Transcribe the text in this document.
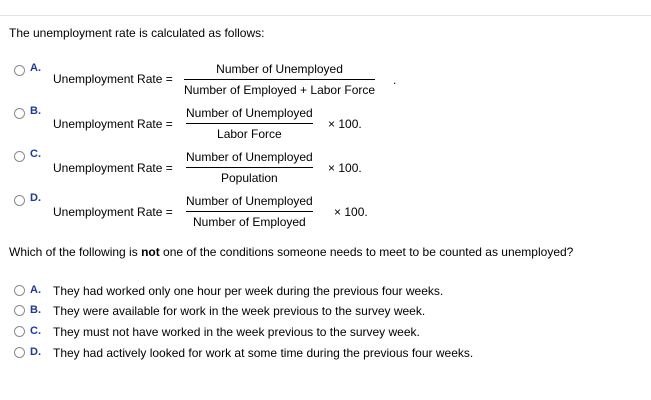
The unemployment rate is calculated as follows:
A.
Unemployment Rate =
Number of Unemployed
Number of Employed + Labor Force
.
B.
Unemployment Rate =
Number of Unemployed
Labor Force
× 100.
C.
Unemployment Rate =
Number of Unemployed
Population
× 100.
D.
Unemployment Rate =
Number of Unemployed
Number of Employed
× 100.
Which of the following is not one of the conditions someone needs to meet to be counted as unemployed?
A. They had worked only one hour per week during the previous four weeks.
B. They were available for work in the week previous to the survey week.
C. They must not have worked in the week previous to the survey week.
D. They had actively looked for work at some time during the previous four weeks.
